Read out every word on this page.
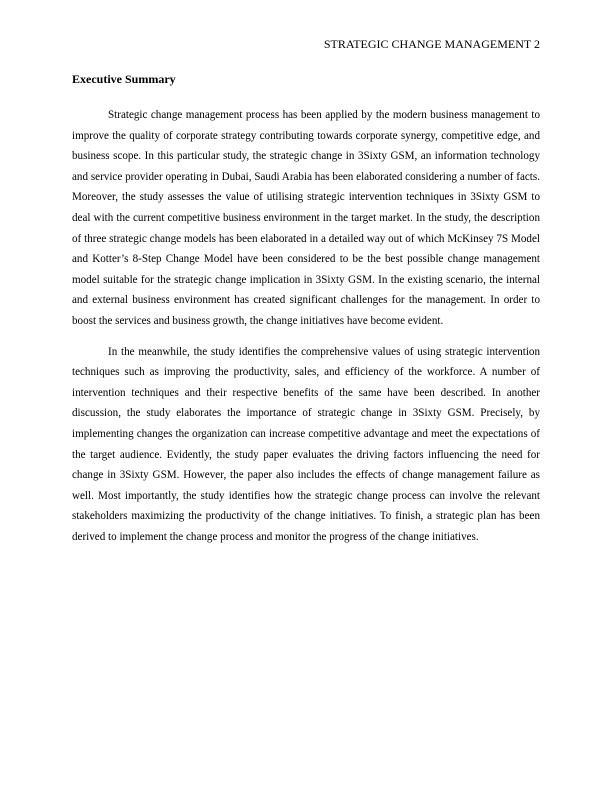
STRATEGIC CHANGE MANAGEMENT 2
Executive Summary

Strategic change management process has been applied by the modern business management to improve the quality of corporate strategy contributing towards corporate synergy, competitive edge, and business scope. In this particular study, the strategic change in 3Sixty GSM, an information technology and service provider operating in Dubai, Saudi Arabia has been elaborated considering a number of facts. Moreover, the study assesses the value of utilising strategic intervention techniques in 3Sixty GSM to deal with the current competitive business environment in the target market. In the study, the description of three strategic change models has been elaborated in a detailed way out of which McKinsey 7S Model and Kotter’s 8-Step Change Model have been considered to be the best possible change management model suitable for the strategic change implication in 3Sixty GSM. In the existing scenario, the internal and external business environment has created significant challenges for the management. In order to boost the services and business growth, the change initiatives have become evident.

In the meanwhile, the study identifies the comprehensive values of using strategic intervention techniques such as improving the productivity, sales, and efficiency of the workforce. A number of intervention techniques and their respective benefits of the same have been described. In another discussion, the study elaborates the importance of strategic change in 3Sixty GSM. Precisely, by implementing changes the organization can increase competitive advantage and meet the expectations of the target audience. Evidently, the study paper evaluates the driving factors influencing the need for change in 3Sixty GSM. However, the paper also includes the effects of change management failure as well. Most importantly, the study identifies how the strategic change process can involve the relevant stakeholders maximizing the productivity of the change initiatives. To finish, a strategic plan has been derived to implement the change process and monitor the progress of the change initiatives.
